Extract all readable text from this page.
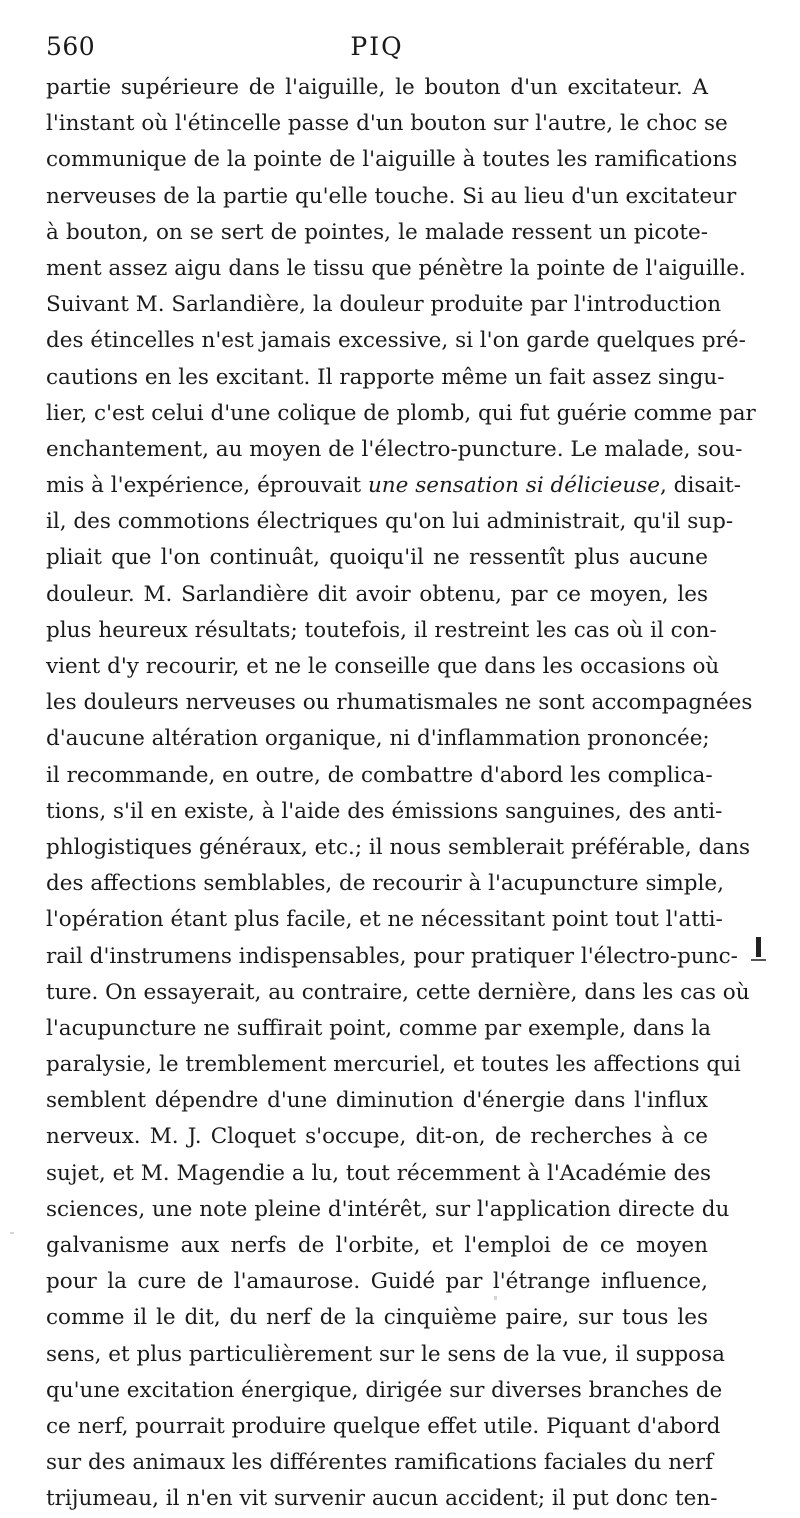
560	PIQ
partie supérieure de l'aiguille, le bouton d'un excitateur. A
l'instant où l'étincelle passe d'un bouton sur l'autre, le choc se
communique de la pointe de l'aiguille à toutes les ramifications
nerveuses de la partie qu'elle touche. Si au lieu d'un excitateur
à bouton, on se sert de pointes, le malade ressent un picote-
ment assez aigu dans le tissu que pénètre la pointe de l'aiguille.
Suivant M. Sarlandière, la douleur produite par l'introduction
des étincelles n'est jamais excessive, si l'on garde quelques pré-
cautions en les excitant. Il rapporte même un fait assez singu-
lier, c'est celui d'une colique de plomb, qui fut guérie comme par
enchantement, au moyen de l'électro-puncture. Le malade, sou-
mis à l'expérience, éprouvait une sensation si délicieuse, disait-
il, des commotions électriques qu'on lui administrait, qu'il sup-
pliait que l'on continuât, quoiqu'il ne ressentît plus aucune
douleur. M. Sarlandière dit avoir obtenu, par ce moyen, les
plus heureux résultats; toutefois, il restreint les cas où il con-
vient d'y recourir, et ne le conseille que dans les occasions où
les douleurs nerveuses ou rhumatismales ne sont accompagnées
d'aucune altération organique, ni d'inflammation prononcée;
il recommande, en outre, de combattre d'abord les complica-
tions, s'il en existe, à l'aide des émissions sanguines, des anti-
phlogistiques généraux, etc.; il nous semblerait préférable, dans
des affections semblables, de recourir à l'acupuncture simple,
l'opération étant plus facile, et ne nécessitant point tout l'atti-
rail d'instrumens indispensables, pour pratiquer l'électro-punc-
ture. On essayerait, au contraire, cette dernière, dans les cas où
l'acupuncture ne suffirait point, comme par exemple, dans la
paralysie, le tremblement mercuriel, et toutes les affections qui
semblent dépendre d'une diminution d'énergie dans l'influx
nerveux. M. J. Cloquet s'occupe, dit-on, de recherches à ce
sujet, et M. Magendie a lu, tout récemment à l'Académie des
sciences, une note pleine d'intérêt, sur l'application directe du
galvanisme aux nerfs de l'orbite, et l'emploi de ce moyen
pour la cure de l'amaurose. Guidé par l'étrange influence,
comme il le dit, du nerf de la cinquième paire, sur tous les
sens, et plus particulièrement sur le sens de la vue, il supposa
qu'une excitation énergique, dirigée sur diverses branches de
ce nerf, pourrait produire quelque effet utile. Piquant d'abord
sur des animaux les différentes ramifications faciales du nerf
trijumeau, il n'en vit survenir aucun accident; il put donc ten-
